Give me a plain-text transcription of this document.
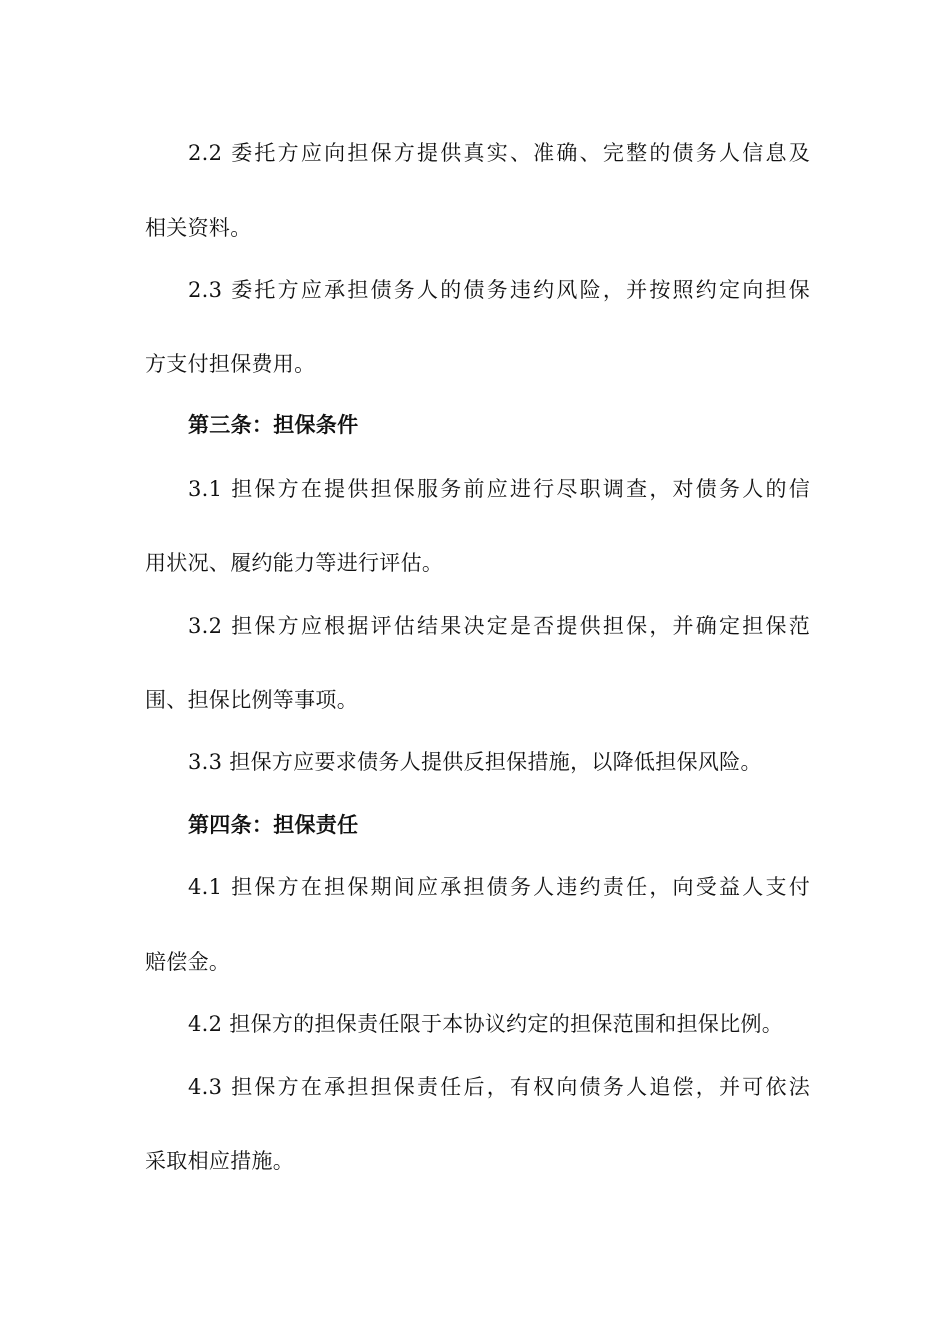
2.2 委托方应向担保方提供真实、准确、完整的债务人信息及
相关资料。
2.3 委托方应承担债务人的债务违约风险，并按照约定向担保
方支付担保费用。
第三条：担保条件
3.1 担保方在提供担保服务前应进行尽职调查，对债务人的信
用状况、履约能力等进行评估。
3.2 担保方应根据评估结果决定是否提供担保，并确定担保范
围、担保比例等事项。
3.3 担保方应要求债务人提供反担保措施，以降低担保风险。
第四条：担保责任
4.1 担保方在担保期间应承担债务人违约责任，向受益人支付
赔偿金。
4.2 担保方的担保责任限于本协议约定的担保范围和担保比例。
4.3 担保方在承担担保责任后，有权向债务人追偿，并可依法
采取相应措施。
